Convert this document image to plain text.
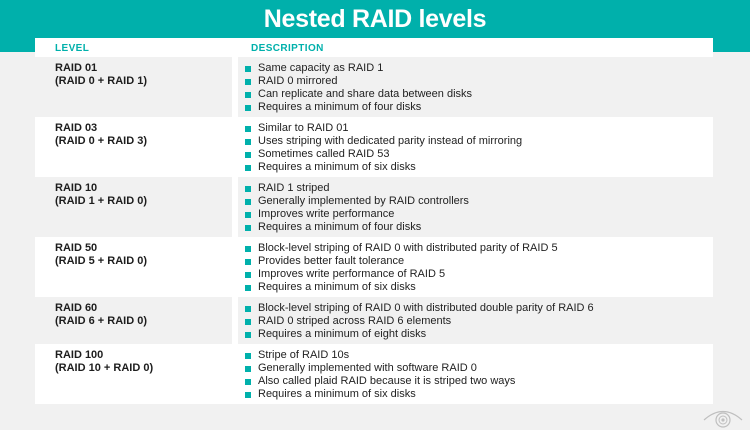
Nested RAID levels
LEVEL	DESCRIPTION
RAID 01
(RAID 0 + RAID 1)
Same capacity as RAID 1
RAID 0 mirrored
Can replicate and share data between disks
Requires a minimum of four disks
RAID 03
(RAID 0 + RAID 3)
Similar to RAID 01
Uses striping with dedicated parity instead of mirroring
Sometimes called RAID 53
Requires a minimum of six disks
RAID 10
(RAID 1 + RAID 0)
RAID 1 striped
Generally implemented by RAID controllers
Improves write performance
Requires a minimum of four disks
RAID 50
(RAID 5 + RAID 0)
Block-level striping of RAID 0 with distributed parity of RAID 5
Provides better fault tolerance
Improves write performance of RAID 5
Requires a minimum of six disks
RAID 60
(RAID 6 + RAID 0)
Block-level striping of RAID 0 with distributed double parity of RAID 6
RAID 0 striped across RAID 6 elements
Requires a minimum of eight disks
RAID 100
(RAID 10 + RAID 0)
Stripe of RAID 10s
Generally implemented with software RAID 0
Also called plaid RAID because it is striped two ways
Requires a minimum of six disks
